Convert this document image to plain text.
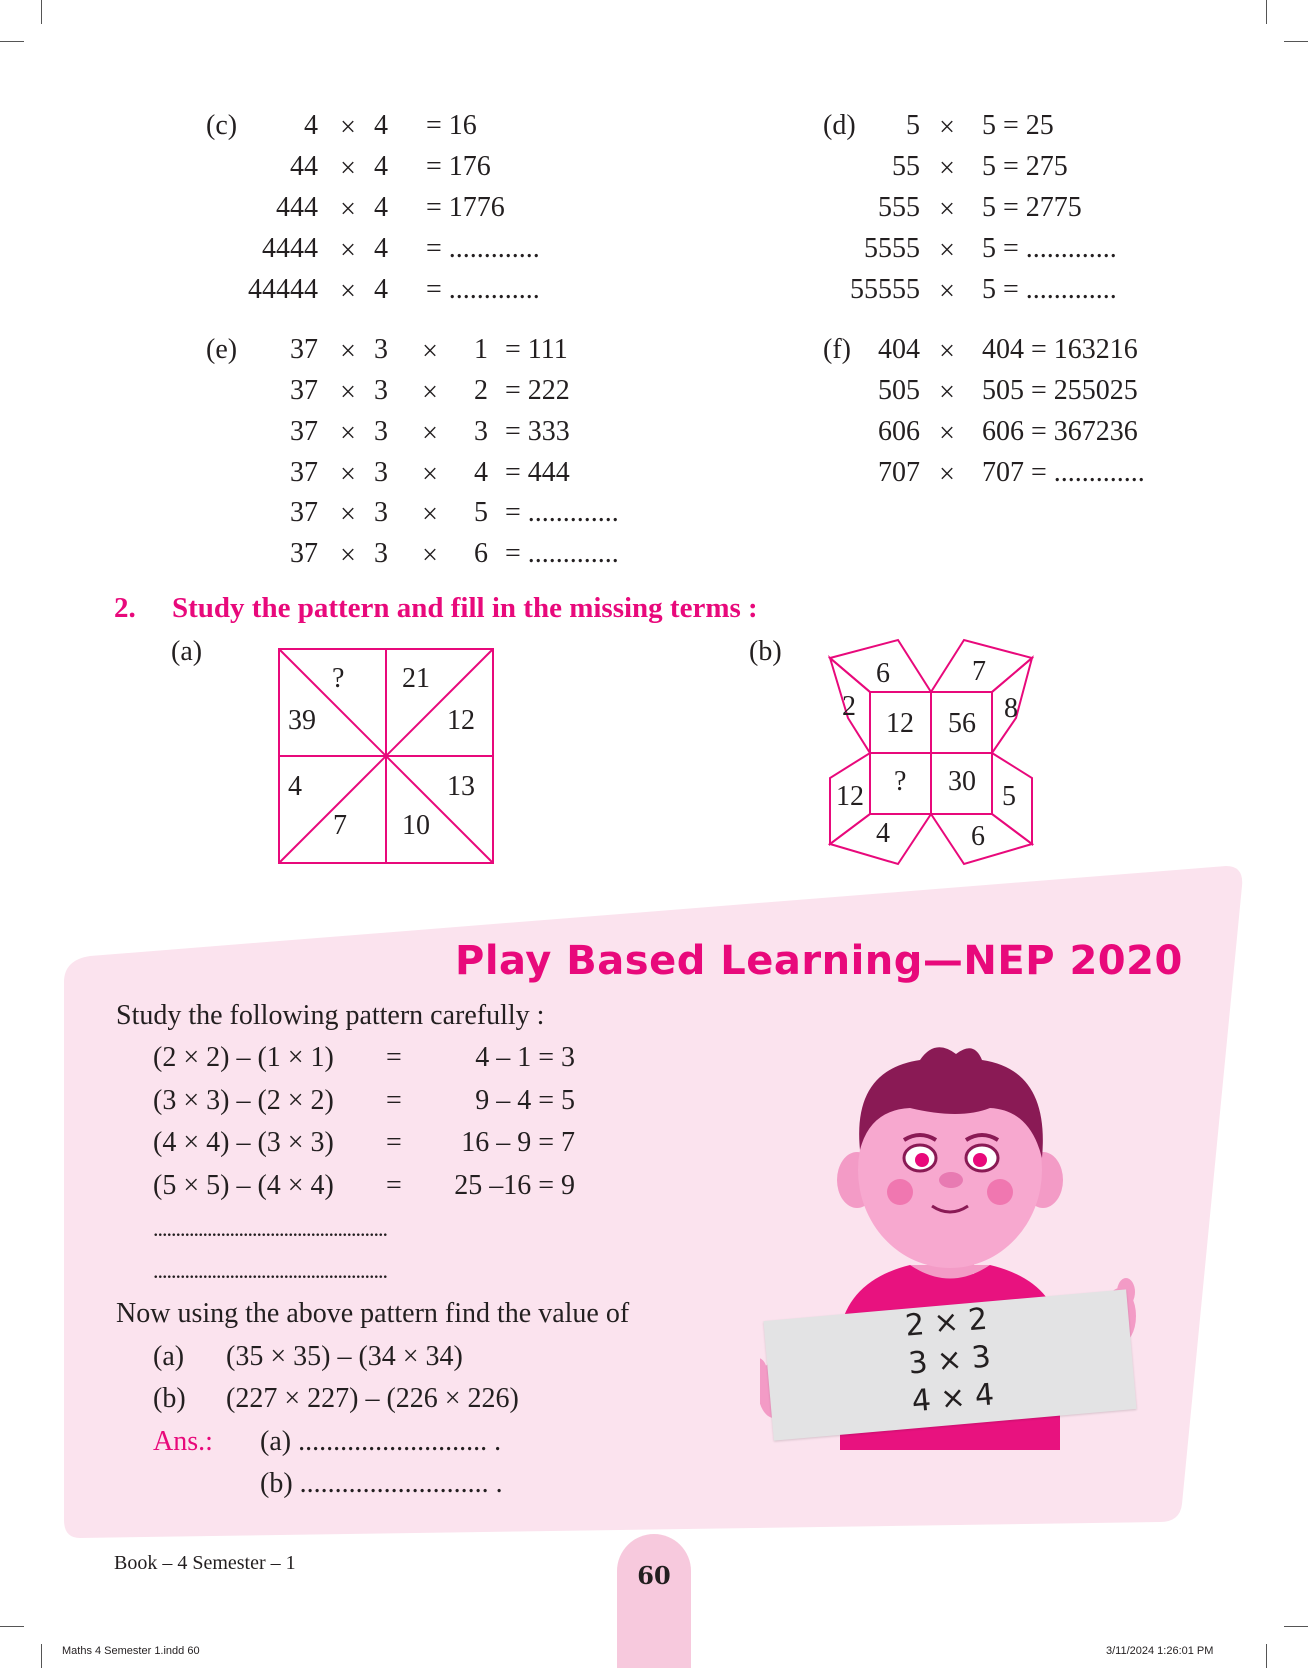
(c)	4 × 4 = 16
44 × 4 = 176
444 × 4 = 1776
4444 × 4 = .............
44444 × 4 = .............
(d)	5 × 5 = 25
55 × 5 = 275
555 × 5 = 2775
5555 × 5 = .............
55555 × 5 = .............
(e)	37 × 3 × 1 = 111
37 × 3 × 2 = 222
37 × 3 × 3 = 333
37 × 3 × 4 = 444
37 × 3 × 5 = .............
37 × 3 × 6 = .............
(f) 404 × 404 = 163216
505 × 505 = 255025
606 × 606 = 367236
707 × 707 = .............
2. Study the pattern and fill in the missing terms :
(a)	(b)
? 21
39	12
4	13
7 10
6	7
2	8
12 56
? 30
12	5
4	6
Play Based Learning—NEP 2020
Study the following pattern carefully :
(2 × 2) – (1 × 1) =	4 – 1 = 3
(3 × 3) – (2 × 2) =	9 – 4 = 5
(4 × 4) – (3 × 3) =	16 – 9 = 7
(5 × 5) – (4 × 4) =	25 –16 = 9
....................................................
....................................................
Now using the above pattern find the value of
(a) (35 × 35) – (34 × 34)
(b) (227 × 227) – (226 × 226)
Ans.: (a) ........................... .
(b) ........................... .
2 × 2
3 × 3
4 × 4
Book – 4 Semester – 1	60
Maths 4 Semester 1.indd 60	3/11/2024 1:26:01 PM
